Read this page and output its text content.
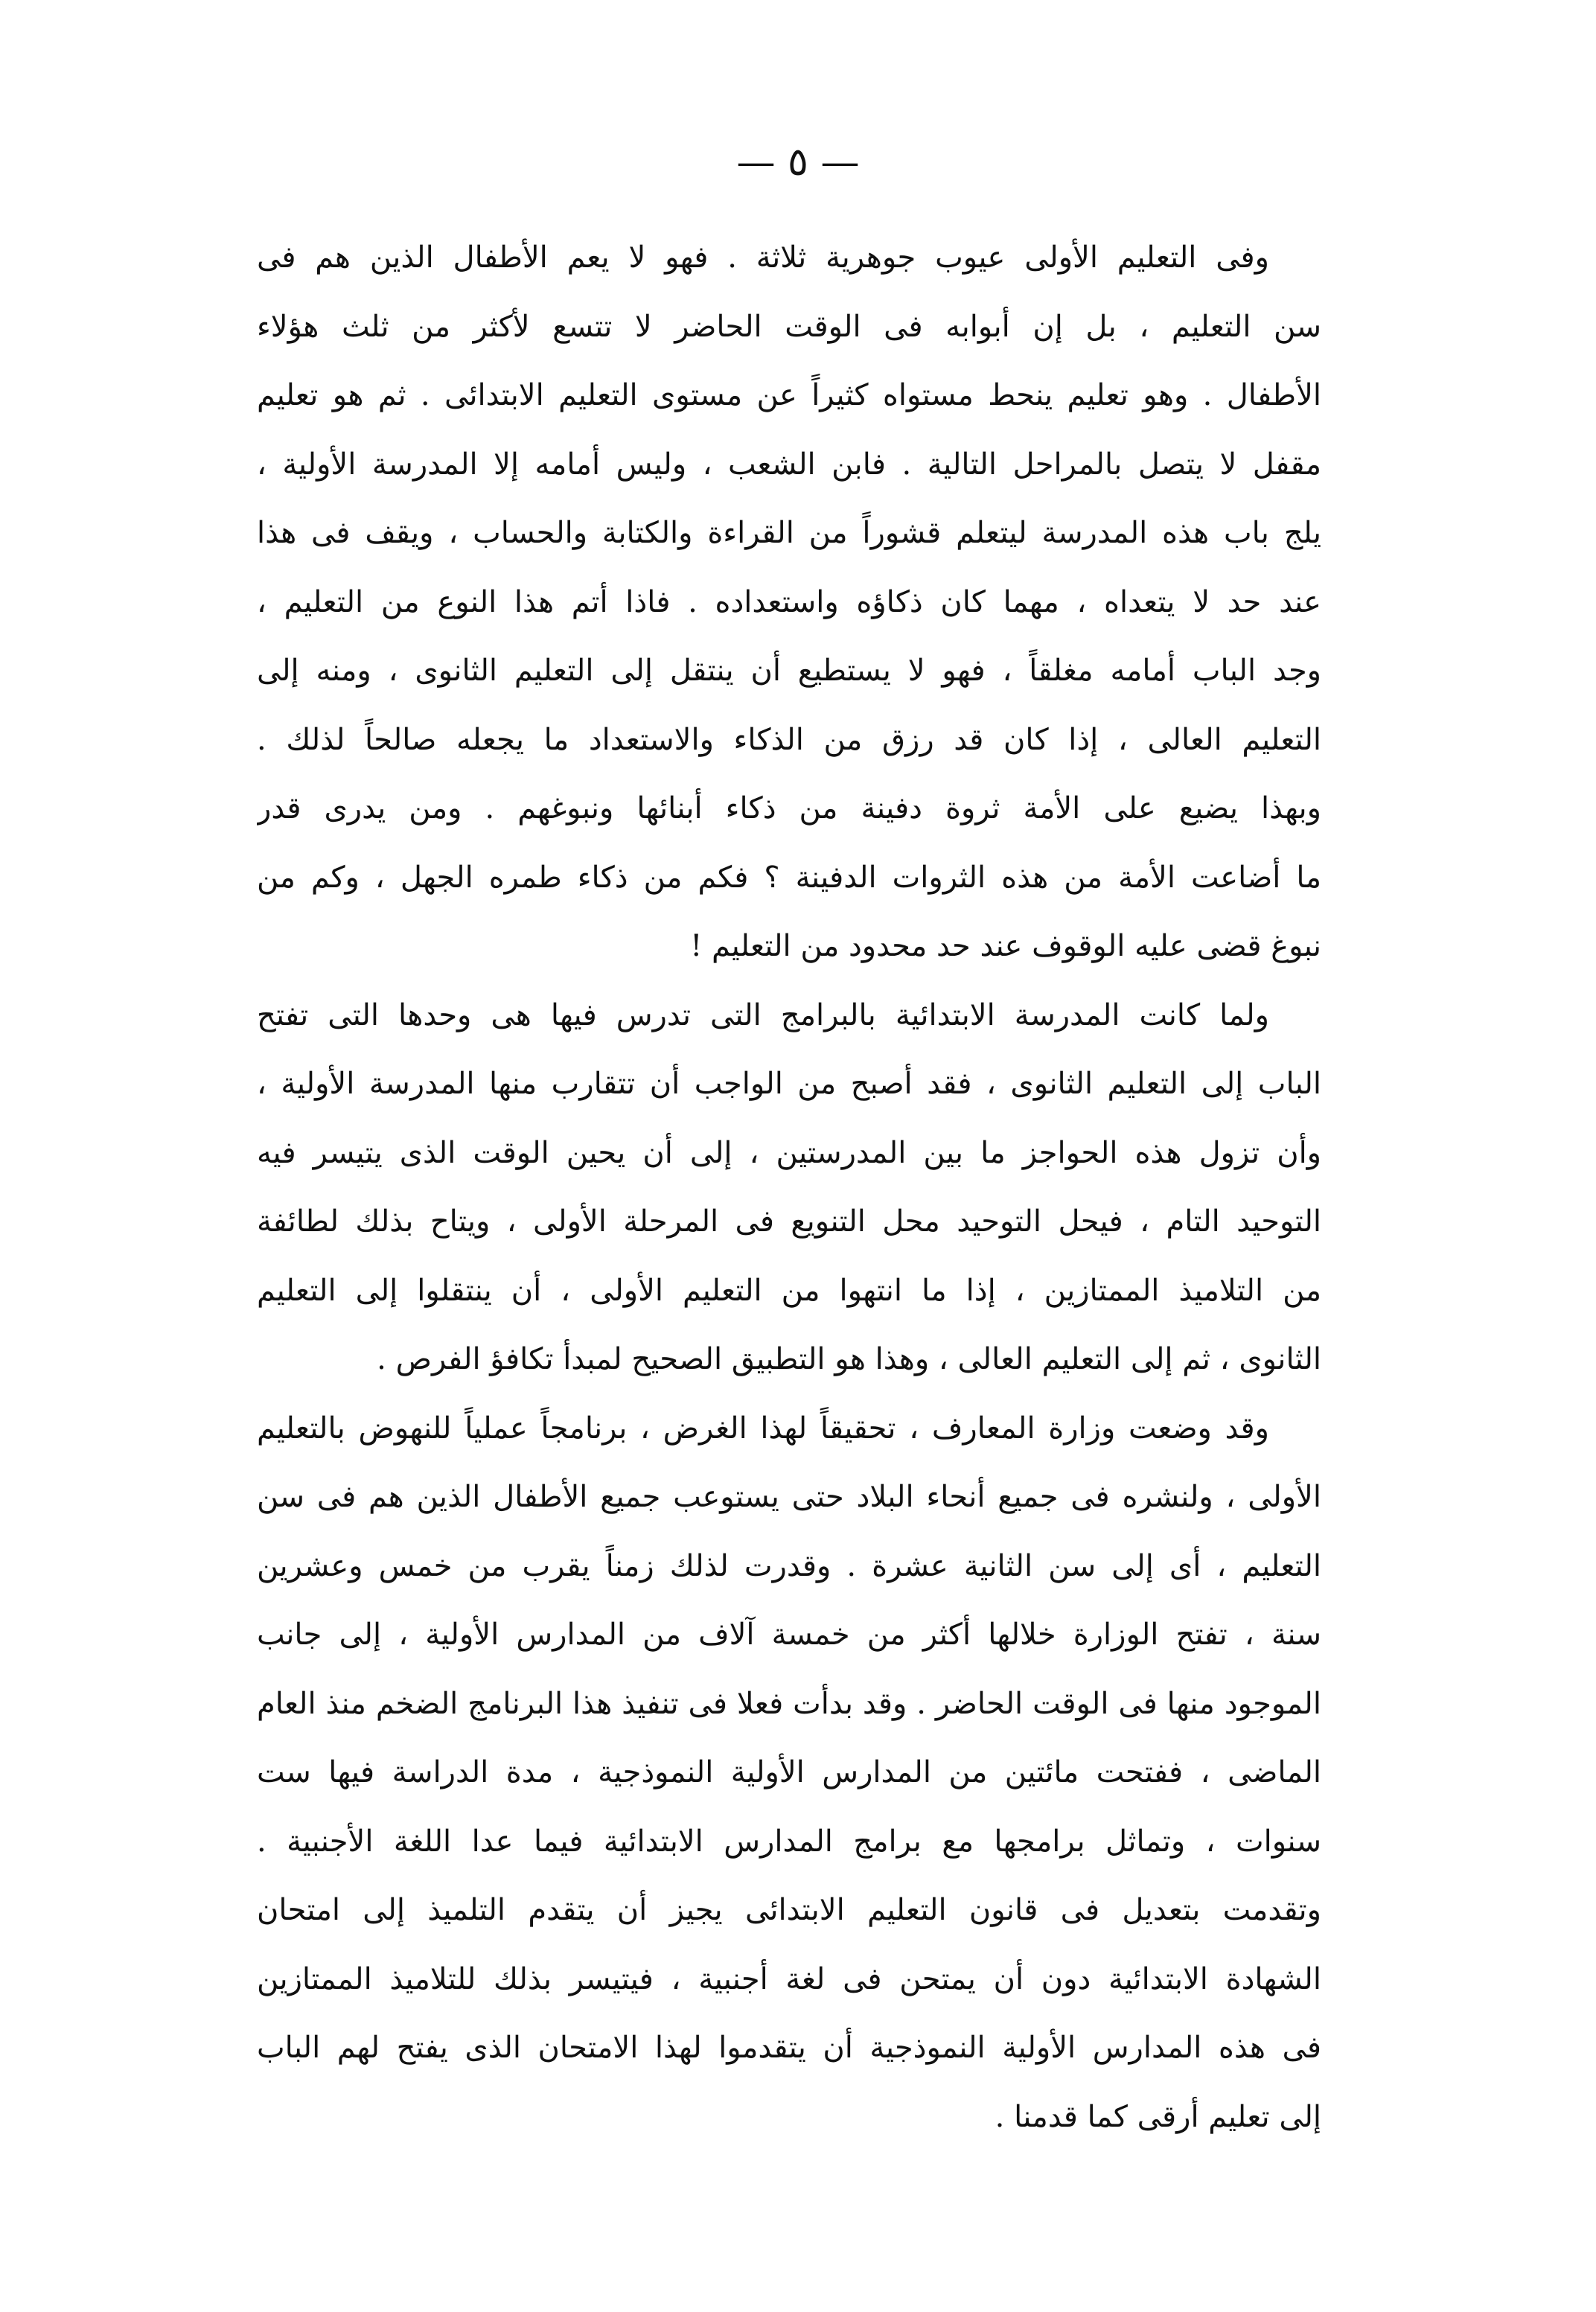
— ٥ —
وفى التعليم الأولى عيوب جوهرية ثلاثة . فهو لا يعم الأطفال الذين هم فى
سن التعليم ، بل إن أبوابه فى الوقت الحاضر لا تتسع لأكثر من ثلث هؤلاء
الأطفال . وهو تعليم ينحط مستواه كثيراً عن مستوى التعليم الابتدائى . ثم هو تعليم
مقفل لا يتصل بالمراحل التالية . فابن الشعب ، وليس أمامه إلا المدرسة الأولية ،
يلج باب هذه المدرسة ليتعلم قشوراً من القراءة والكتابة والحساب ، ويقف فى هذا
عند حد لا يتعداه ، مهما كان ذكاؤه واستعداده . فاذا أتم هذا النوع من التعليم ،
وجد الباب أمامه مغلقاً ، فهو لا يستطيع أن ينتقل إلى التعليم الثانوى ، ومنه إلى
التعليم العالى ، إذا كان قد رزق من الذكاء والاستعداد ما يجعله صالحاً لذلك .
وبهذا يضيع على الأمة ثروة دفينة من ذكاء أبنائها ونبوغهم . ومن يدرى قدر
ما أضاعت الأمة من هذه الثروات الدفينة ؟ فكم من ذكاء طمره الجهل ، وكم من
نبوغ قضى عليه الوقوف عند حد محدود من التعليم !
ولما كانت المدرسة الابتدائية بالبرامج التى تدرس فيها هى وحدها التى تفتح
الباب إلى التعليم الثانوى ، فقد أصبح من الواجب أن تتقارب منها المدرسة الأولية ،
وأن تزول هذه الحواجز ما بين المدرستين ، إلى أن يحين الوقت الذى يتيسر فيه
التوحيد التام ، فيحل التوحيد محل التنويع فى المرحلة الأولى ، ويتاح بذلك لطائفة
من التلاميذ الممتازين ، إذا ما انتهوا من التعليم الأولى ، أن ينتقلوا إلى التعليم
الثانوى ، ثم إلى التعليم العالى ، وهذا هو التطبيق الصحيح لمبدأ تكافؤ الفرص .
وقد وضعت وزارة المعارف ، تحقيقاً لهذا الغرض ، برنامجاً عملياً للنهوض بالتعليم
الأولى ، ولنشره فى جميع أنحاء البلاد حتى يستوعب جميع الأطفال الذين هم فى سن
التعليم ، أى إلى سن الثانية عشرة . وقدرت لذلك زمناً يقرب من خمس وعشرين
سنة ، تفتح الوزارة خلالها أكثر من خمسة آلاف من المدارس الأولية ، إلى جانب
الموجود منها فى الوقت الحاضر . وقد بدأت فعلا فى تنفيذ هذا البرنامج الضخم منذ العام
الماضى ، ففتحت مائتين من المدارس الأولية النموذجية ، مدة الدراسة فيها ست
سنوات ، وتماثل برامجها مع برامج المدارس الابتدائية فيما عدا اللغة الأجنبية .
وتقدمت بتعديل فى قانون التعليم الابتدائى يجيز أن يتقدم التلميذ إلى امتحان
الشهادة الابتدائية دون أن يمتحن فى لغة أجنبية ، فيتيسر بذلك للتلاميذ الممتازين
فى هذه المدارس الأولية النموذجية أن يتقدموا لهذا الامتحان الذى يفتح لهم الباب
إلى تعليم أرقى كما قدمنا .
